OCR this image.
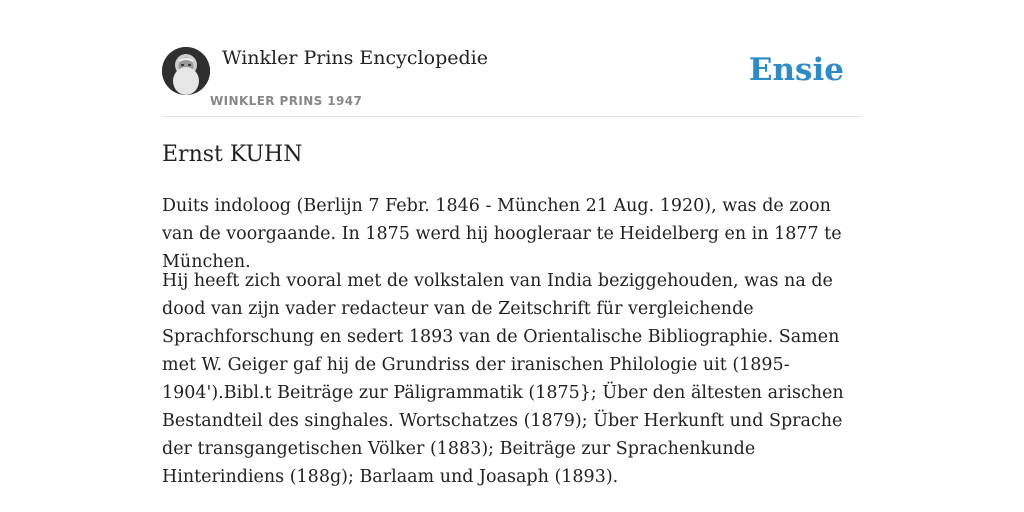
Winkler Prins Encyclopedie
WINKLER PRINS 1947
Ensie
Ernst KUHN

Duits indoloog (Berlijn 7 Febr. 1846 - München 21 Aug. 1920), was de zoon van de voorgaande. In 1875 werd hij hoogleraar te Heidelberg en in 1877 te München.

Hij heeft zich vooral met de volkstalen van India beziggehouden, was na de dood van zijn vader redacteur van de Zeitschrift für vergleichende Sprachforschung en sedert 1893 van de Orientalische Bibliographie. Samen met W. Geiger gaf hij de Grundriss der iranischen Philologie uit (1895-1904').Bibl.t Beiträge zur Päligrammatik (1875}; Über den ältesten arischen Bestandteil des singhales. Wortschatzes (1879); Über Herkunft und Sprache der transgangetischen Völker (1883); Beiträge zur Sprachenkunde Hinterindiens (188g); Barlaam und Joasaph (1893).
